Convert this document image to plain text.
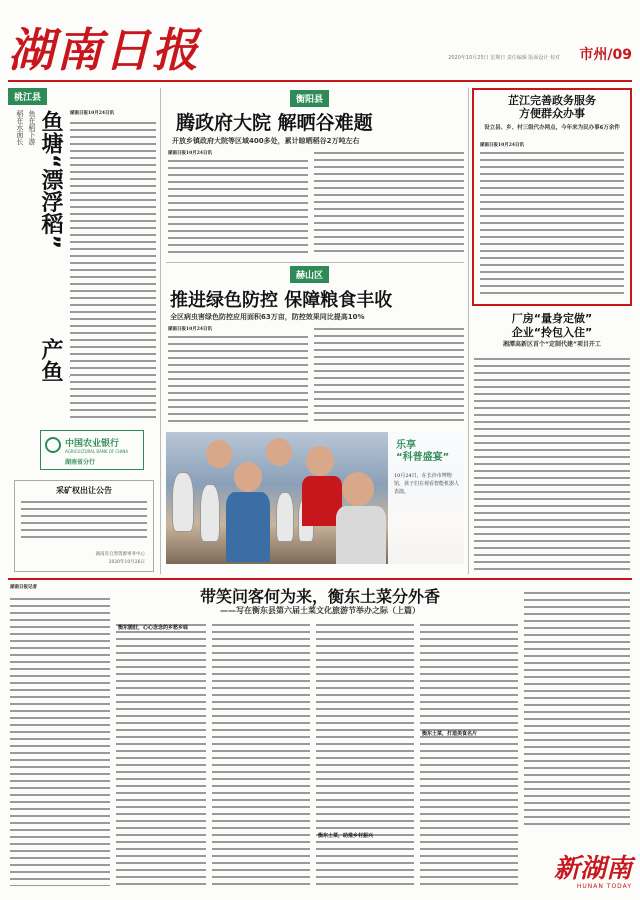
湖南日报	2020年10月25日 星期日 责任编辑 版面设计 校对 市州/09
桃江县
稻在水面长 鱼在稻下游 鱼塘“漂浮稻”
产鱼
湖南日报10月24日讯
中国农业银行
AGRICULTURAL BANK OF CHINA
湖南省分行
采矿权出让公告
湖南省自然资源事务中心
2020年10月26日
衡阳县
腾政府大院 解晒谷难题
开放乡镇政府大院等区域400多处，累计晾晒稻谷2万吨左右
湖南日报10月24日讯
赫山区
推进绿色防控 保障粮食丰收
全区病虫害绿色防控应用面积63万亩，防控效果同比提高10%
湖南日报10月24日讯
乐享
“科普盛宴”
10月24日，在长沙市博物馆，孩子们在观看智能机器人表演。
芷江完善政务服务
方便群众办事
设立县、乡、村三级代办网点，今年来为民办事6万余件
湖南日报10月24日讯
厂房“量身定做”
企业“拎包入住”
湘潭高新区首个“定制代建”项目开工
带笑问客何为来，衡东土菜分外香
——写在衡东县第六届土菜文化旅游节举办之际（上篇）
湖南日报记者
衡东脆肚，心心念念的乡愁乡味
衡东土菜，助推乡村振兴
衡东土菜，打造美食名片
新湖南
HUNAN TODAY
